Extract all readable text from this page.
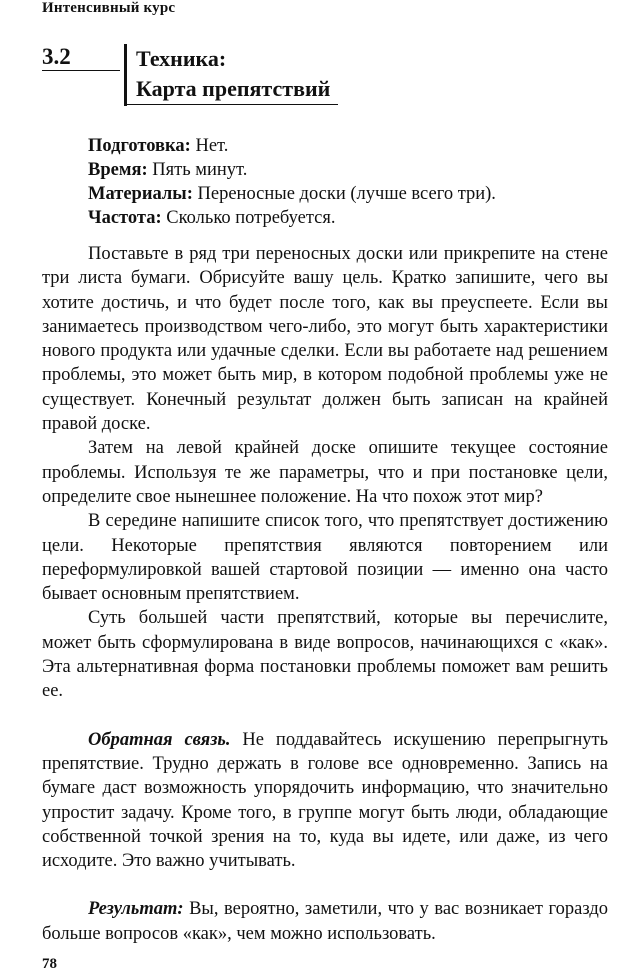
Интенсивный курс
3.2	Техника:
Карта препятствий
Подготовка: Нет.
Время: Пять минут.
Материалы: Переносные доски (лучше всего три).
Частота: Сколько потребуется.

Поставьте в ряд три переносных доски или прикрепите на стене три листа бумаги. Обрисуйте вашу цель. Кратко запишите, чего вы хотите достичь, и что будет после того, как вы преуспеете. Если вы занимаетесь производством чего-либо, это могут быть характеристики нового продукта или удачные сделки. Если вы работаете над решением проблемы, это может быть мир, в котором подобной проблемы уже не существует. Конечный результат должен быть записан на крайней правой доске.

Затем на левой крайней доске опишите текущее состояние проблемы. Используя те же параметры, что и при постановке цели, определите свое нынешнее положение. На что похож этот мир?

В середине напишите список того, что препятствует достижению цели. Некоторые препятствия являются повторением или переформулировкой вашей стартовой позиции — именно она часто бывает основным препятствием.

Суть большей части препятствий, которые вы перечислите, может быть сформулирована в виде вопросов, начинающихся с «как». Эта альтернативная форма постановки проблемы поможет вам решить ее.

Обратная связь. Не поддавайтесь искушению перепрыгнуть препятствие. Трудно держать в голове все одновременно. Запись на бумаге даст возможность упорядочить информацию, что значительно упростит задачу. Кроме того, в группе могут быть люди, обладающие собственной точкой зрения на то, куда вы идете, или даже, из чего исходите. Это важно учитывать.

Результат: Вы, вероятно, заметили, что у вас возникает гораздо больше вопросов «как», чем можно использовать.

78
